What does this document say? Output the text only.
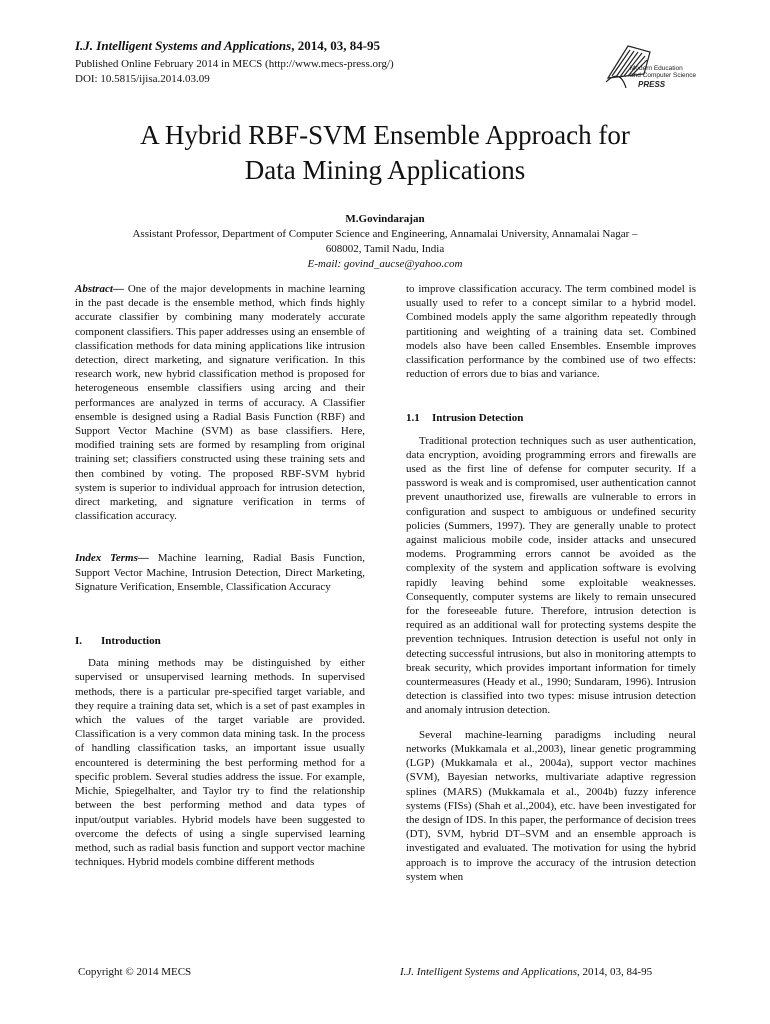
I.J. Intelligent Systems and Applications, 2014, 03, 84-95

Published Online February 2014 in MECS (http://www.mecs-press.org/)

DOI: 10.5815/ijisa.2014.03.09

Modern Education
and Computer Science
PRESS
A Hybrid RBF-SVM Ensemble Approach for
Data Mining Applications
M.Govindarajan
Assistant Professor, Department of Computer Science and Engineering, Annamalai University, Annamalai Nagar –
608002, Tamil Nadu, India
E-mail: govind_aucse@yahoo.com

Abstract— One of the major developments in machine learning in the past decade is the ensemble method, which finds highly accurate classifier by combining many moderately accurate component classifiers. This paper addresses using an ensemble of classification methods for data mining applications like intrusion detection, direct marketing, and signature verification. In this research work, new hybrid classification method is proposed for heterogeneous ensemble classifiers using arcing and their performances are analyzed in terms of accuracy. A Classifier ensemble is designed using a Radial Basis Function (RBF) and Support Vector Machine (SVM) as base classifiers. Here, modified training sets are formed by resampling from original training set; classifiers constructed using these training sets and then combined by voting. The proposed RBF-SVM hybrid system is superior to individual approach for intrusion detection, direct marketing, and signature verification in terms of classification accuracy.

Index Terms— Machine learning, Radial Basis Function, Support Vector Machine, Intrusion Detection, Direct Marketing, Signature Verification, Ensemble, Classification Accuracy

I. Introduction

Data mining methods may be distinguished by either supervised or unsupervised learning methods. In supervised methods, there is a particular pre-specified target variable, and they require a training data set, which is a set of past examples in which the values of the target variable are provided. Classification is a very common data mining task. In the process of handling classification tasks, an important issue usually encountered is determining the best performing method for a specific problem. Several studies address the issue. For example, Michie, Spiegelhalter, and Taylor try to find the relationship between the best performing method and data types of input/output variables. Hybrid models have been suggested to overcome the defects of using a single supervised learning method, such as radial basis function and support vector machine techniques. Hybrid models combine different methods

to improve classification accuracy. The term combined model is usually used to refer to a concept similar to a hybrid model. Combined models apply the same algorithm repeatedly through partitioning and weighting of a training data set. Combined models also have been called Ensembles. Ensemble improves classification performance by the combined use of two effects: reduction of errors due to bias and variance.

1.1 Intrusion Detection

Traditional protection techniques such as user authentication, data encryption, avoiding programming errors and firewalls are used as the first line of defense for computer security. If a password is weak and is compromised, user authentication cannot prevent unauthorized use, firewalls are vulnerable to errors in configuration and suspect to ambiguous or undefined security policies (Summers, 1997). They are generally unable to protect against malicious mobile code, insider attacks and unsecured modems. Programming errors cannot be avoided as the complexity of the system and application software is evolving rapidly leaving behind some exploitable weaknesses. Consequently, computer systems are likely to remain unsecured for the foreseeable future. Therefore, intrusion detection is required as an additional wall for protecting systems despite the prevention techniques. Intrusion detection is useful not only in detecting successful intrusions, but also in monitoring attempts to break security, which provides important information for timely countermeasures (Heady et al., 1990; Sundaram, 1996). Intrusion detection is classified into two types: misuse intrusion detection and anomaly intrusion detection.

Several machine-learning paradigms including neural networks (Mukkamala et al.,2003), linear genetic programming (LGP) (Mukkamala et al., 2004a), support vector machines (SVM), Bayesian networks, multivariate adaptive regression splines (MARS) (Mukkamala et al., 2004b) fuzzy inference systems (FISs) (Shah et al.,2004), etc. have been investigated for the design of IDS. In this paper, the performance of decision trees (DT), SVM, hybrid DT–SVM and an ensemble approach is investigated and evaluated. The motivation for using the hybrid approach is to improve the accuracy of the intrusion detection system when

Copyright © 2014 MECS	I.J. Intelligent Systems and Applications, 2014, 03, 84-95
